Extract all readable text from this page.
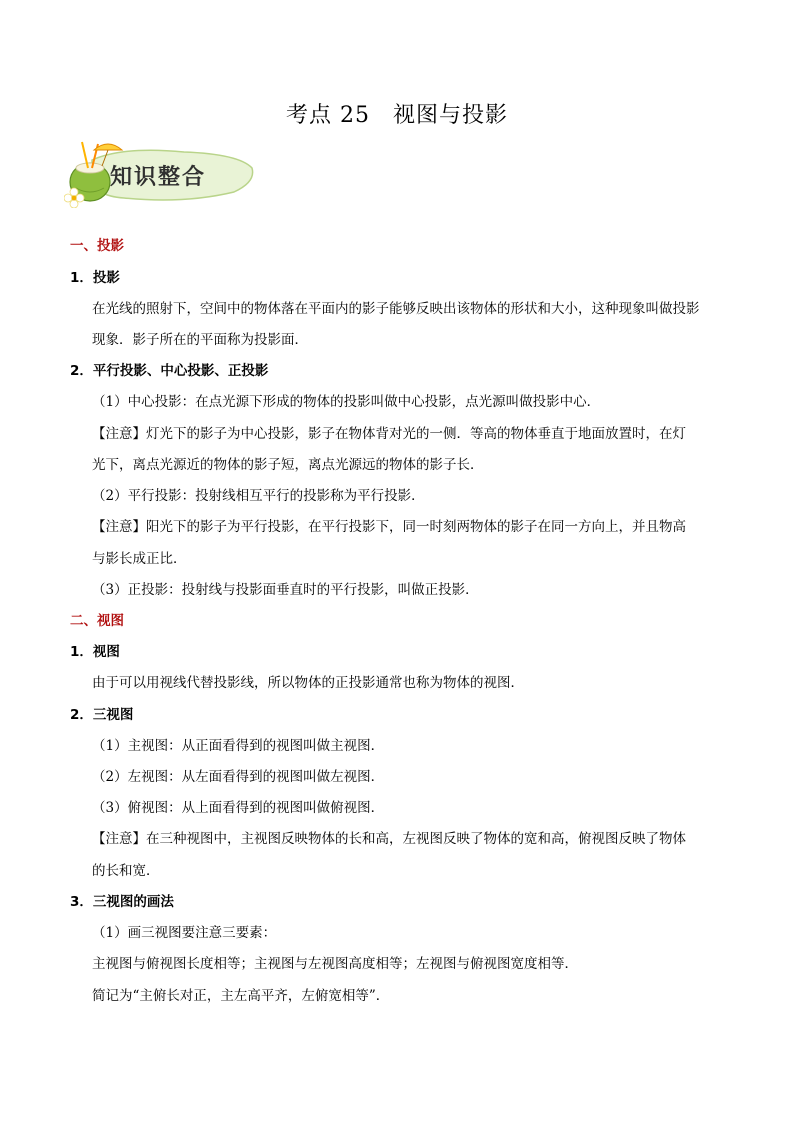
考点 25　视图与投影
知识整合
一、投影
1．投影
在光线的照射下，空间中的物体落在平面内的影子能够反映出该物体的形状和大小，这种现象叫做投影
现象．影子所在的平面称为投影面．
2．平行投影、中心投影、正投影
（1）中心投影：在点光源下形成的物体的投影叫做中心投影，点光源叫做投影中心．
【注意】灯光下的影子为中心投影，影子在物体背对光的一侧．等高的物体垂直于地面放置时，在灯
光下，离点光源近的物体的影子短，离点光源远的物体的影子长．
（2）平行投影：投射线相互平行的投影称为平行投影．
【注意】阳光下的影子为平行投影，在平行投影下，同一时刻两物体的影子在同一方向上，并且物高
与影长成正比．
（3）正投影：投射线与投影面垂直时的平行投影，叫做正投影．
二、视图
1．视图
由于可以用视线代替投影线，所以物体的正投影通常也称为物体的视图．
2．三视图
（1）主视图：从正面看得到的视图叫做主视图．
（2）左视图：从左面看得到的视图叫做左视图．
（3）俯视图：从上面看得到的视图叫做俯视图．
【注意】在三种视图中，主视图反映物体的长和高，左视图反映了物体的宽和高，俯视图反映了物体
的长和宽．
3．三视图的画法
（1）画三视图要注意三要素：
主视图与俯视图长度相等；主视图与左视图高度相等；左视图与俯视图宽度相等．
简记为“主俯长对正，主左高平齐，左俯宽相等”．
